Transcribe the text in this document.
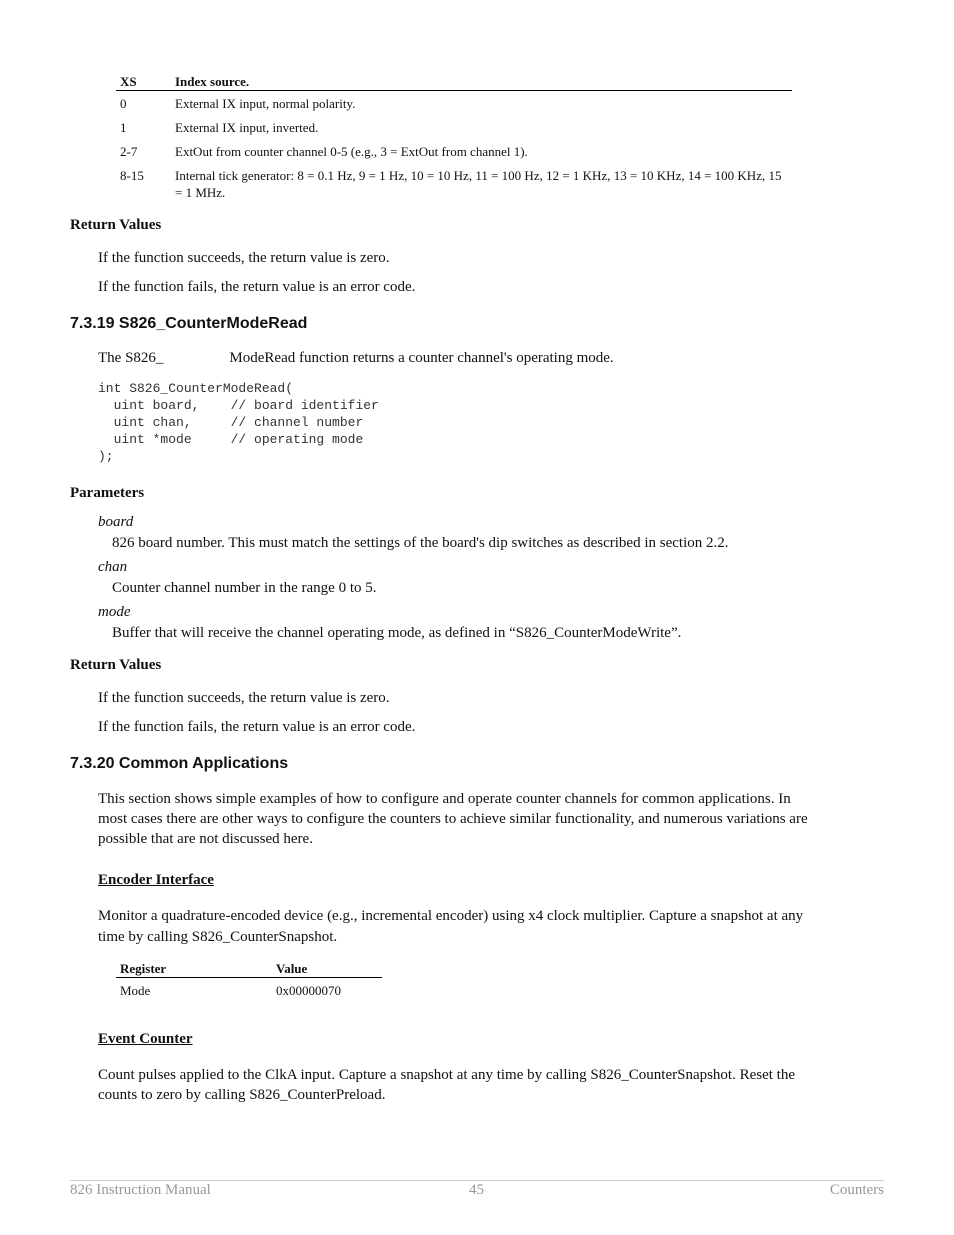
XS	Index source.
0	External IX input, normal polarity.
1	External IX input, inverted.
2-7	ExtOut from counter channel 0-5 (e.g., 3 = ExtOut from channel 1).
8-15	Internal tick generator: 8 = 0.1 Hz, 9 = 1 Hz, 10 = 10 Hz, 11 = 100 Hz, 12 = 1 KHz, 13 = 10 KHz, 14 = 100 KHz, 15 = 1 MHz.
Return Values
If the function succeeds, the return value is zero.
If the function fails, the return value is an error code.
7.3.19 S826_CounterModeRead
The S826_	ModeRead function returns a counter channel's operating mode.
int S826_CounterModeRead(
uint board,    // board identifier
uint chan,     // channel number
uint *mode     // operating mode
);
Parameters
board
826 board number. This must match the settings of the board's dip switches as described in section 2.2.
chan
Counter channel number in the range 0 to 5.
mode
Buffer that will receive the channel operating mode, as defined in “S826_CounterModeWrite”.
Return Values
If the function succeeds, the return value is zero.
If the function fails, the return value is an error code.
7.3.20 Common Applications
This section shows simple examples of how to configure and operate counter channels for common applications. In
most cases there are other ways to configure the counters to achieve similar functionality, and numerous variations are
possible that are not discussed here.
Encoder Interface
Monitor a quadrature-encoded device (e.g., incremental encoder) using x4 clock multiplier. Capture a snapshot at any
time by calling S826_CounterSnapshot.
Register	Value
Mode	0x00000070
Event Counter
Count pulses applied to the ClkA input. Capture a snapshot at any time by calling S826_CounterSnapshot. Reset the
counts to zero by calling S826_CounterPreload.
826 Instruction Manual	45	Counters
